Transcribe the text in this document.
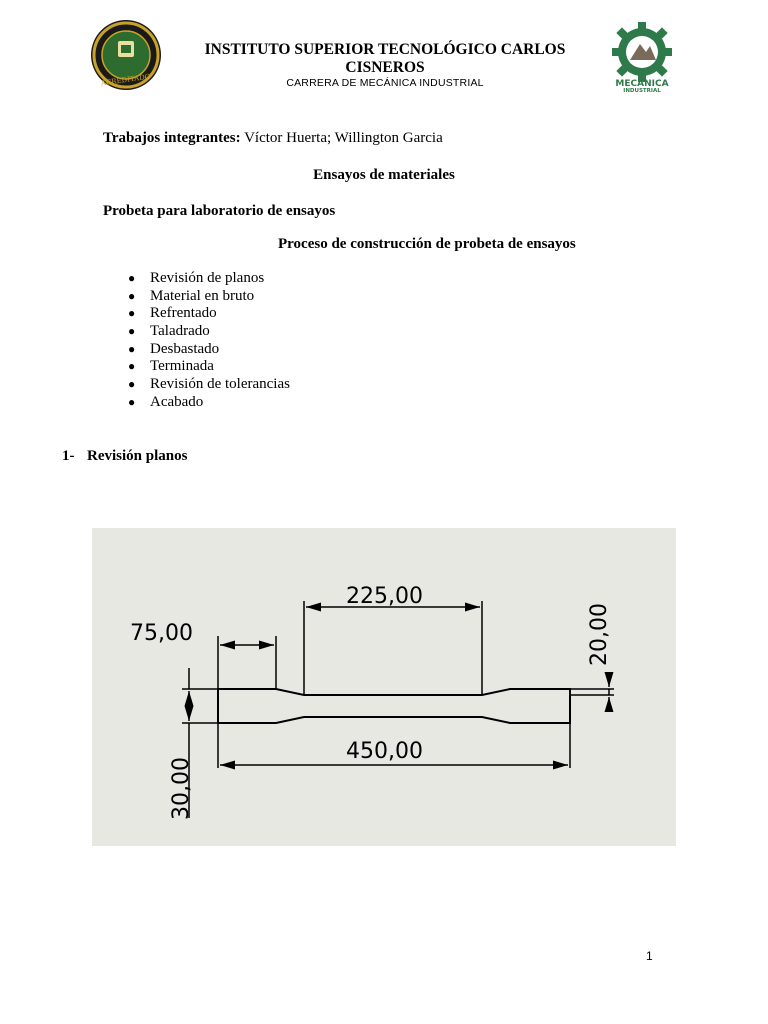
ACREDITADO
INSTITUTO SUPERIOR TECNOLÓGICO CARLOS CISNEROS
CARRERA DE MECÁNICA INDUSTRIAL	MECÁNICA
INDUSTRIAL
Trabajos integrantes: Víctor Huerta; Willington Garcia
Ensayos de materiales
Probeta para laboratorio de ensayos
Proceso de construcción de probeta de ensayos
● Revisión de planos
● Material en bruto
● Refrentado
● Taladrado
● Desbastado
● Terminada
● Revisión de tolerancias
● Acabado
1- Revisión planos
450,00
225,00
75,00
30,00
20,00
1
